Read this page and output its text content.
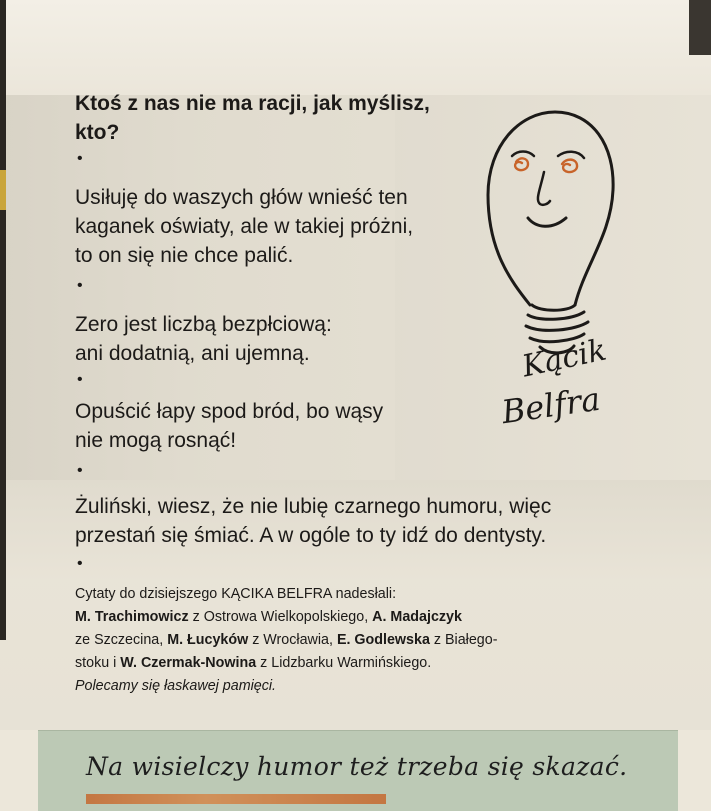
Ktoś z nas nie ma racji, jak myślisz, kto?
•
Usiłuję do waszych głów wnieść ten
kaganek oświaty, ale w takiej próżni,
to on się nie chce palić.
•
Zero jest liczbą bezpłciową:
ani dodatnią, ani ujemną.
•
Opuścić łapy spod bród, bo wąsy
nie mogą rosnąć!
•
Żuliński, wiesz, że nie lubię czarnego humoru, więc
przestań się śmiać. A w ogóle to ty idź do dentysty.
•
Cytaty do dzisiejszego KĄCIKA BELFRA nadesłali:
M. Trachimowicz z Ostrowa Wielkopolskiego, A. Madajczyk
ze Szczecina, M. Łucyków z Wrocławia, E. Godlewska z Białego-
stoku i W. Czermak-Nowina z Lidzbarku Warmińskiego.
Polecamy się łaskawej pamięci.
Kącik
Belfra
Na wisielczy humor też trzeba się skazać.
